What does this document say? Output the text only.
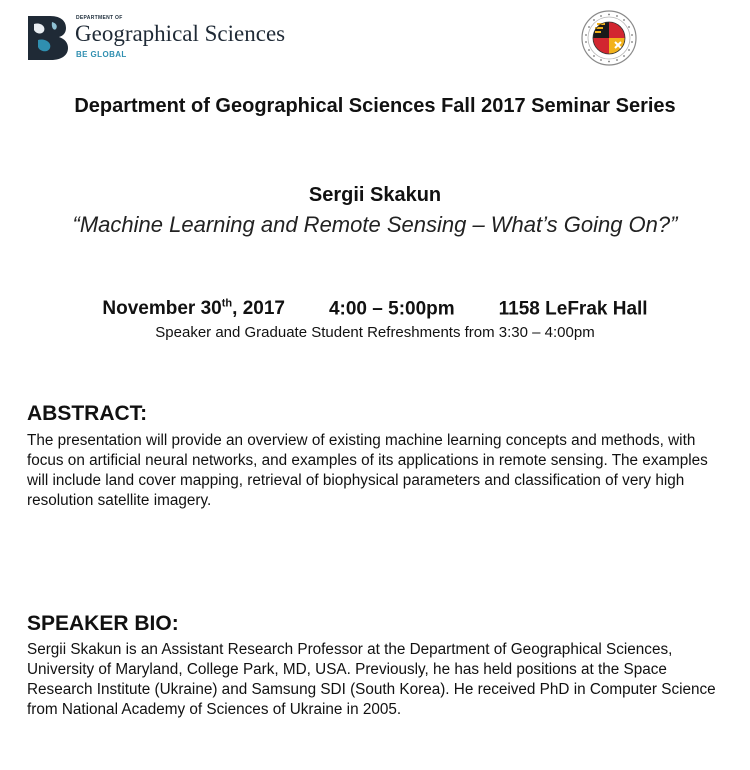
DEPARTMENT OF
Geographical Sciences
BE GLOBAL
Department of Geographical Sciences Fall 2017 Seminar Series
Sergii Skakun
“Machine Learning and Remote Sensing – What’s Going On?”
November 30th, 2017 4:00 – 5:00pm 1158 LeFrak Hall
Speaker and Graduate Student Refreshments from 3:30 – 4:00pm
ABSTRACT:
The presentation will provide an overview of existing machine learning concepts and methods, with focus on artificial neural networks, and examples of its applications in remote sensing. The examples will include land cover mapping, retrieval of biophysical parameters and classification of very high resolution satellite imagery.
SPEAKER BIO:
Sergii Skakun is an Assistant Research Professor at the Department of Geographical Sciences, University of Maryland, College Park, MD, USA. Previously, he has held positions at the Space Research Institute (Ukraine) and Samsung SDI (South Korea). He received PhD in Computer Science from National Academy of Sciences of Ukraine in 2005.
